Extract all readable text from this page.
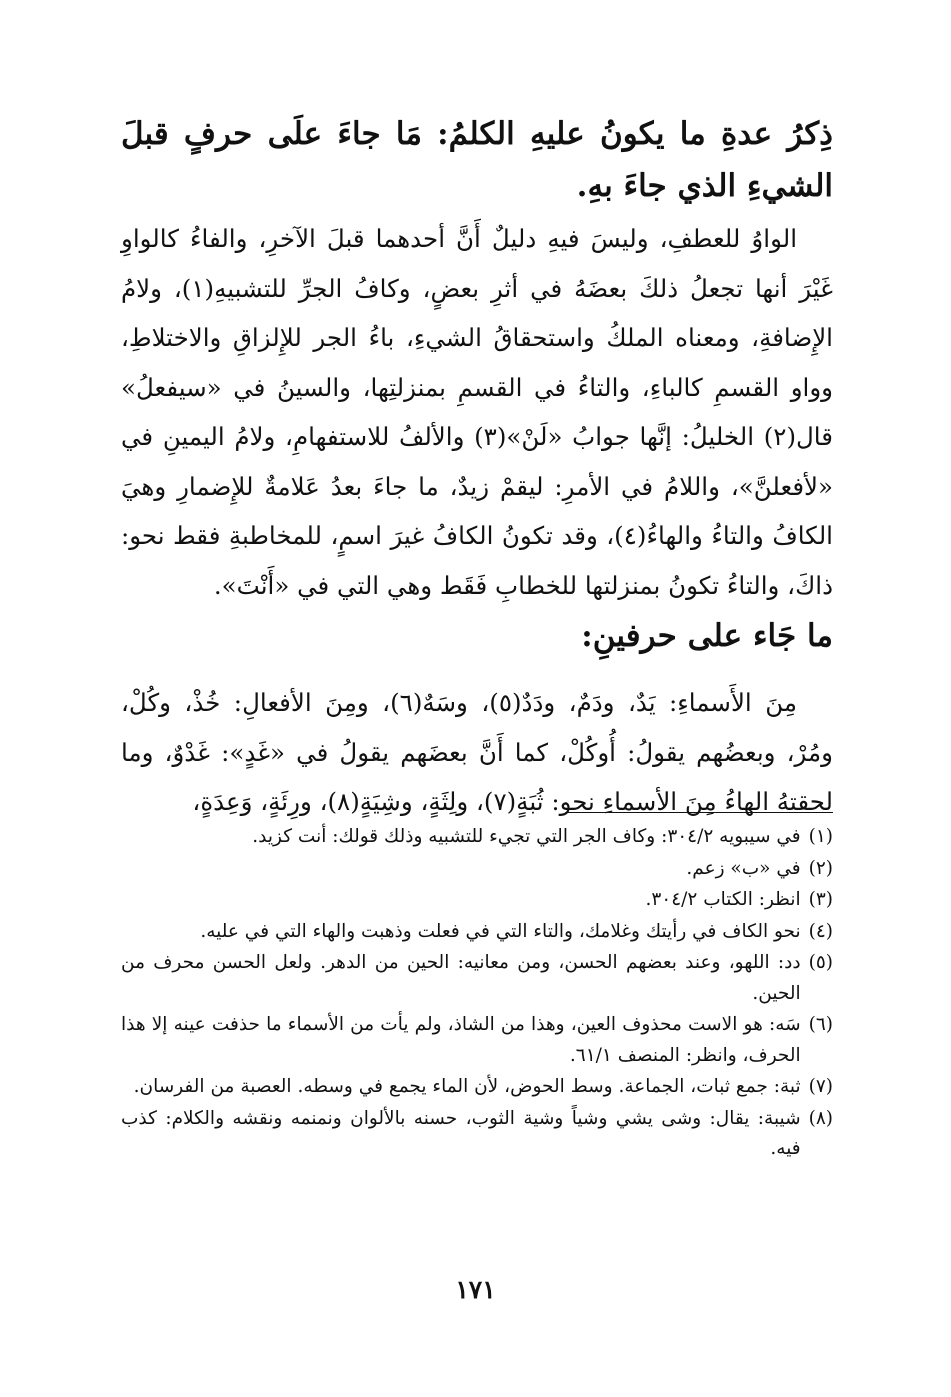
ذِكرُ عدةِ ما يكونُ عليهِ الكلمُ: مَا جاءَ علَى حرفٍ قبلَ الشيءِ الذي جاءَ بهِ.

الواوُ للعطفِ، وليسَ فيهِ دليلٌ أَنَّ أحدهما قبلَ الآخرِ، والفاءُ كالواوِ غَيْرَ أنها تجعلُ ذلكَ بعضَهُ في أثرِ بعضٍ، وكافُ الجرِّ للتشبيهِ(١)، ولامُ الإِضافةِ، ومعناه الملكُ واستحقاقُ الشيءِ، باءُ الجر للإِلزاقِ والاختلاطِ، وواو القسمِ كالباءِ، والتاءُ في القسمِ بمنزلتِها، والسينُ في «سيفعلُ» قال(٢) الخليلُ: إنَّها جوابُ «لَنْ»(٣) والألفُ للاستفهامِ، ولامُ اليمينِ في «لأفعلنَّ»، واللامُ في الأمرِ: ليقمْ زيدٌ، ما جاءَ بعدُ عَلامةٌ للإِضمارِ وهيَ الكافُ والتاءُ والهاءُ(٤)، وقد تكونُ الكافُ غيرَ اسمٍ، للمخاطبةِ فقط نحو: ذاكَ، والتاءُ تكونُ بمنزلتها للخطابِ فَقَط وهي التي في «أَنْتَ».

ما جَاء على حرفينِ:

مِنَ الأَسماءِ: يَدٌ، ودَمٌ، ودَدٌ(٥)، وسَهٌ(٦)، ومِنَ الأفعالِ: خُذْ، وكُلْ، ومُرْ، وبعضُهم يقولُ: أُوكُلْ، كما أَنَّ بعضَهم يقولُ في «غَدٍ»: غَدْوٌ، وما لحقتهُ الهاءُ مِنَ الأسماءِ نحو: ثُبَةٍ(٧)، ولِثَةٍ، وشِيَةٍ(٨)، ورِئَةٍ، وَعِدَةٍ،

(١)
في سيبويه ٣٠٤/٢: وكاف الجر التي تجيء للتشبيه وذلك قولك: أنت كزيد.
(٢)
في «ب» زعم.
(٣)
انظر: الكتاب ٣٠٤/٢.
(٤)
نحو الكاف في رأيتك وغلامك، والتاء التي في فعلت وذهبت والهاء التي في عليه.
(٥)
دد: اللهو، وعند بعضهم الحسن، ومن معانيه: الحين من الدهر. ولعل الحسن محرف من الحين.
(٦)
سَه: هو الاست محذوف العين، وهذا من الشاذ، ولم يأت من الأسماء ما حذفت عينه إلا هذا الحرف، وانظر: المنصف ٦١/١.
(٧)
ثبة: جمع ثبات، الجماعة. وسط الحوض، لأن الماء يجمع في وسطه. العصبة من الفرسان.
(٨)
شيبة: يقال: وشى يشي وشياً وشية الثوب، حسنه بالألوان ونمنمه ونقشه والكلام: كذب فيه.
١٧١
